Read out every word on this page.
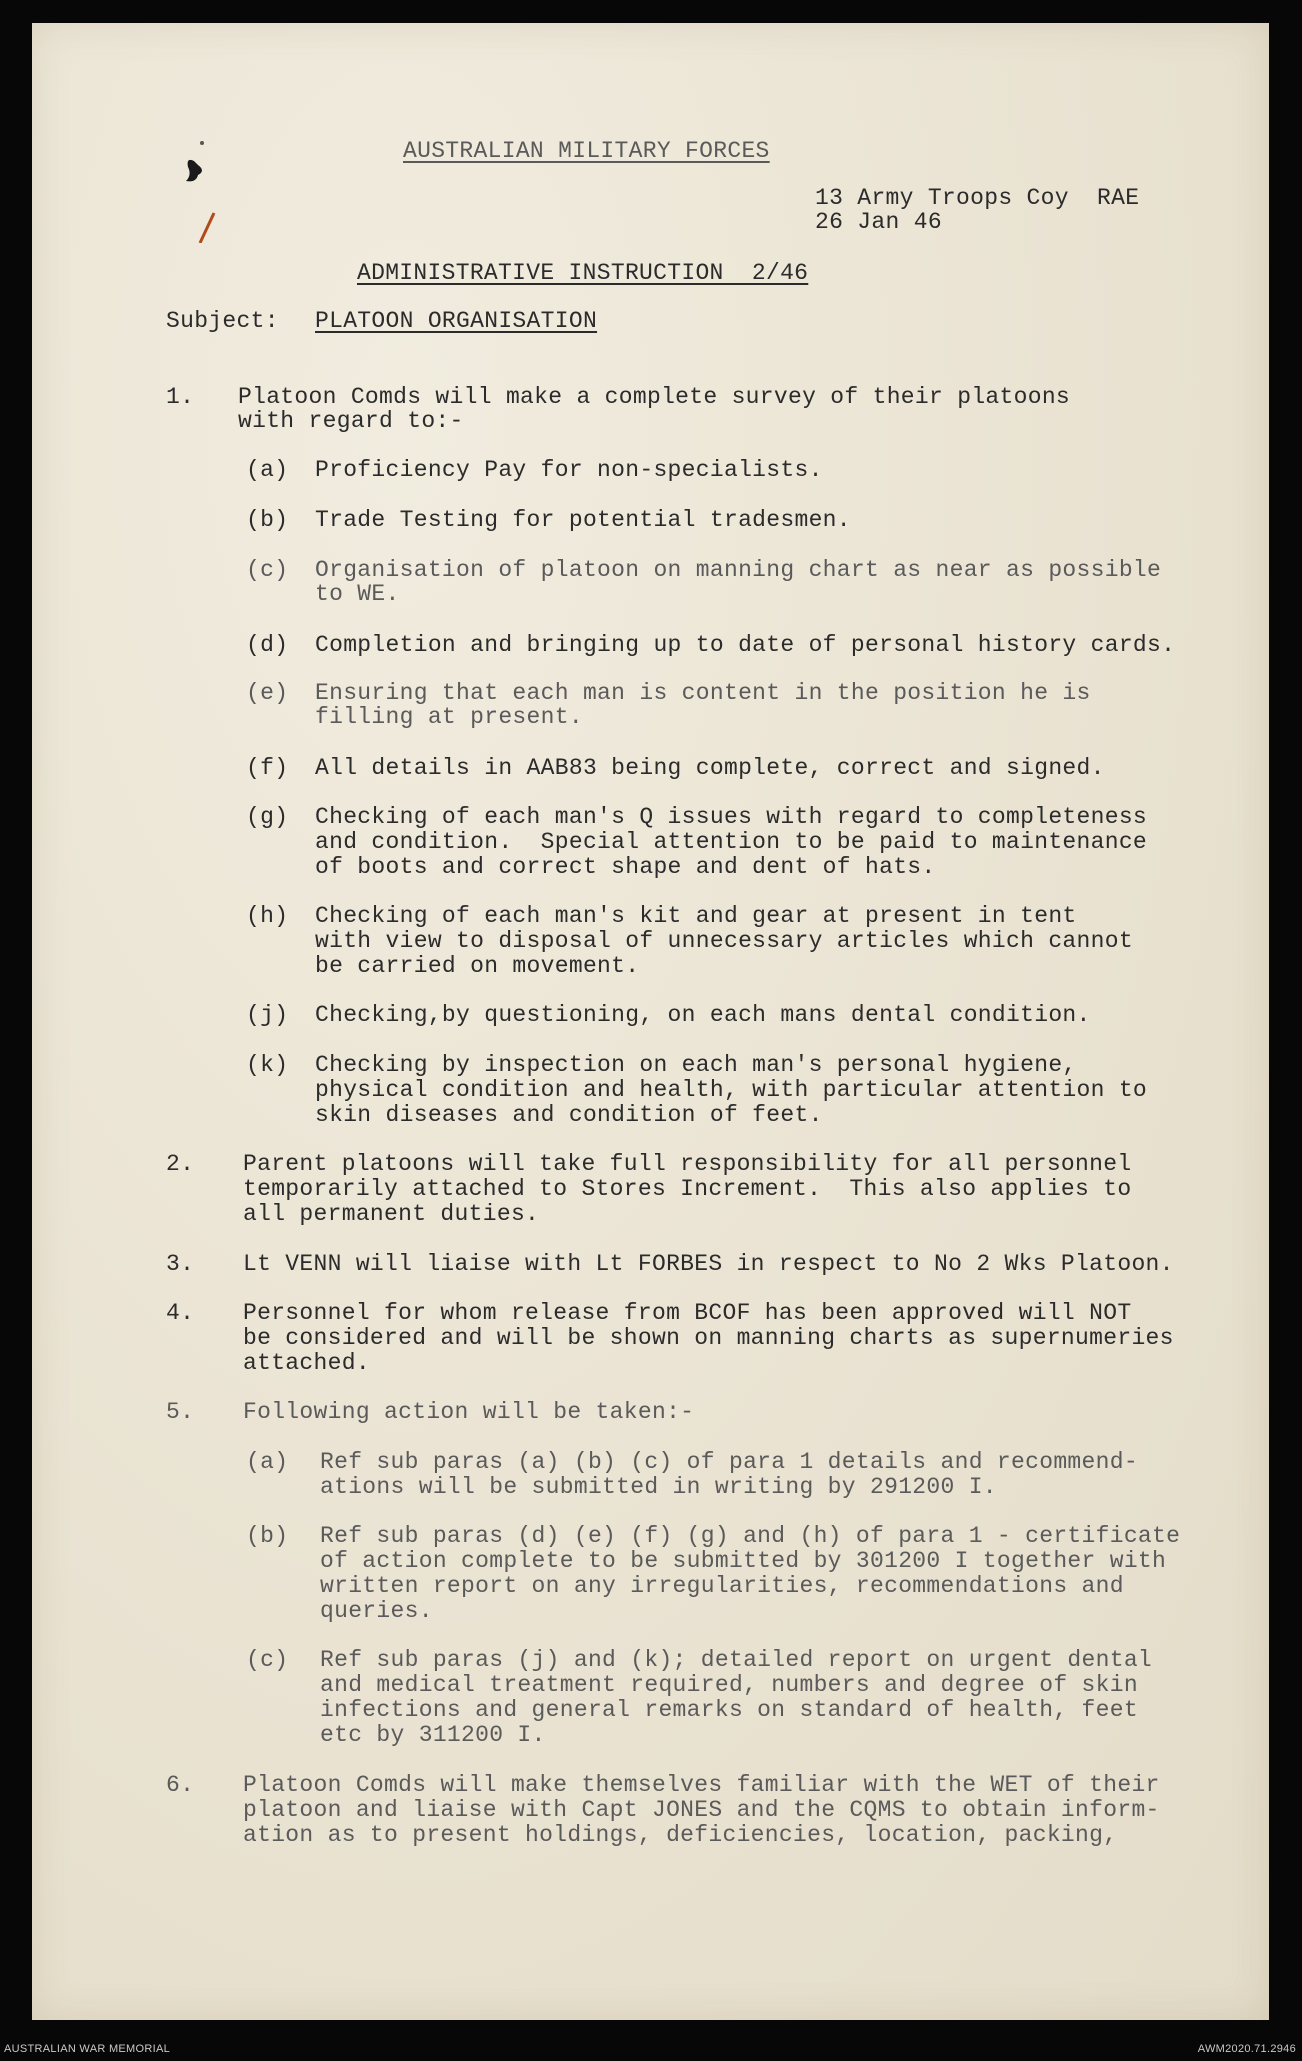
AUSTRALIAN MILITARY FORCES
13 Army Troops Coy  RAE
26 Jan 46
ADMINISTRATIVE INSTRUCTION  2/46
Subject: PLATOON ORGANISATION
1. Platoon Comds will make a complete survey of their platoons
with regard to:-
(a) Proficiency Pay for non-specialists.
(b) Trade Testing for potential tradesmen.
(c) Organisation of platoon on manning chart as near as possible
to WE.
(d) Completion and bringing up to date of personal history cards.
(e) Ensuring that each man is content in the position he is
filling at present.
(f) All details in AAB83 being complete, correct and signed.
(g) Checking of each man's Q issues with regard to completeness
and condition.  Special attention to be paid to maintenance
of boots and correct shape and dent of hats.
(h) Checking of each man's kit and gear at present in tent
with view to disposal of unnecessary articles which cannot
be carried on movement.
(j) Checking,by questioning, on each mans dental condition.
(k) Checking by inspection on each man's personal hygiene,
physical condition and health, with particular attention to
skin diseases and condition of feet.
2. Parent platoons will take full responsibility for all personnel
temporarily attached to Stores Increment.  This also applies to
all permanent duties.
3. Lt VENN will liaise with Lt FORBES in respect to No 2 Wks Platoon.
4. Personnel for whom release from BCOF has been approved will NOT
be considered and will be shown on manning charts as supernumeries
attached.
5. Following action will be taken:-
(a) Ref sub paras (a) (b) (c) of para 1 details and recommend-
ations will be submitted in writing by 291200 I.
(b) Ref sub paras (d) (e) (f) (g) and (h) of para 1 - certificate
of action complete to be submitted by 301200 I together with
written report on any irregularities, recommendations and
queries.
(c) Ref sub paras (j) and (k); detailed report on urgent dental
and medical treatment required, numbers and degree of skin
infections and general remarks on standard of health, feet
etc by 311200 I.
6. Platoon Comds will make themselves familiar with the WET of their
platoon and liaise with Capt JONES and the CQMS to obtain inform-
ation as to present holdings, deficiencies, location, packing,
AUSTRALIAN WAR MEMORIAL	AWM2020.71.2946
